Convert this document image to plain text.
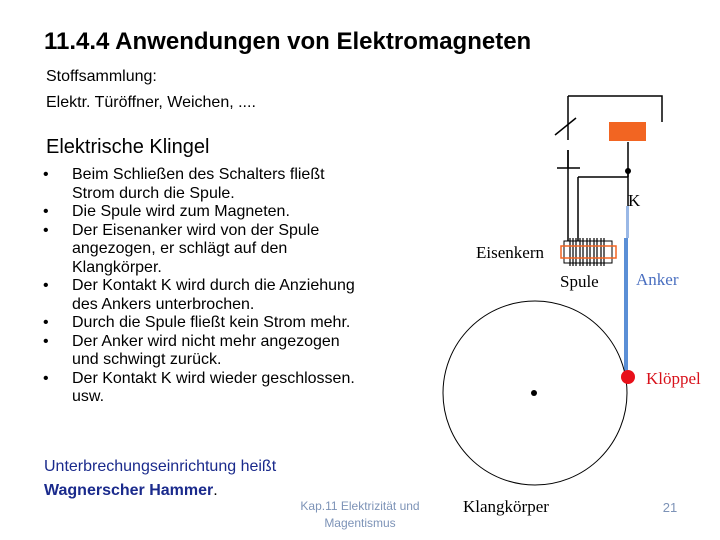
11.4.4 Anwendungen von Elektromagneten
Stoffsammlung:
Elektr. Türöffner, Weichen, ....
Elektrische Klingel
• Beim Schließen des Schalters fließt
Strom durch die Spule.
• Die Spule wird zum Magneten.
• Der Eisenanker wird von der Spule
angezogen, er schlägt auf den
Klangkörper.
• Der Kontakt K wird durch die Anziehung
des Ankers unterbrochen.
• Durch die Spule fließt kein Strom mehr.
• Der Anker wird nicht mehr angezogen
und schwingt zurück.
• Der Kontakt K wird wieder geschlossen.
usw.
Unterbrechungseinrichtung heißt
Wagnerscher Hammer.
Kap.11 Elektrizität und
Magentismus
21
K
Eisenkern
Spule Anker
Klöppel
Klangkörper
